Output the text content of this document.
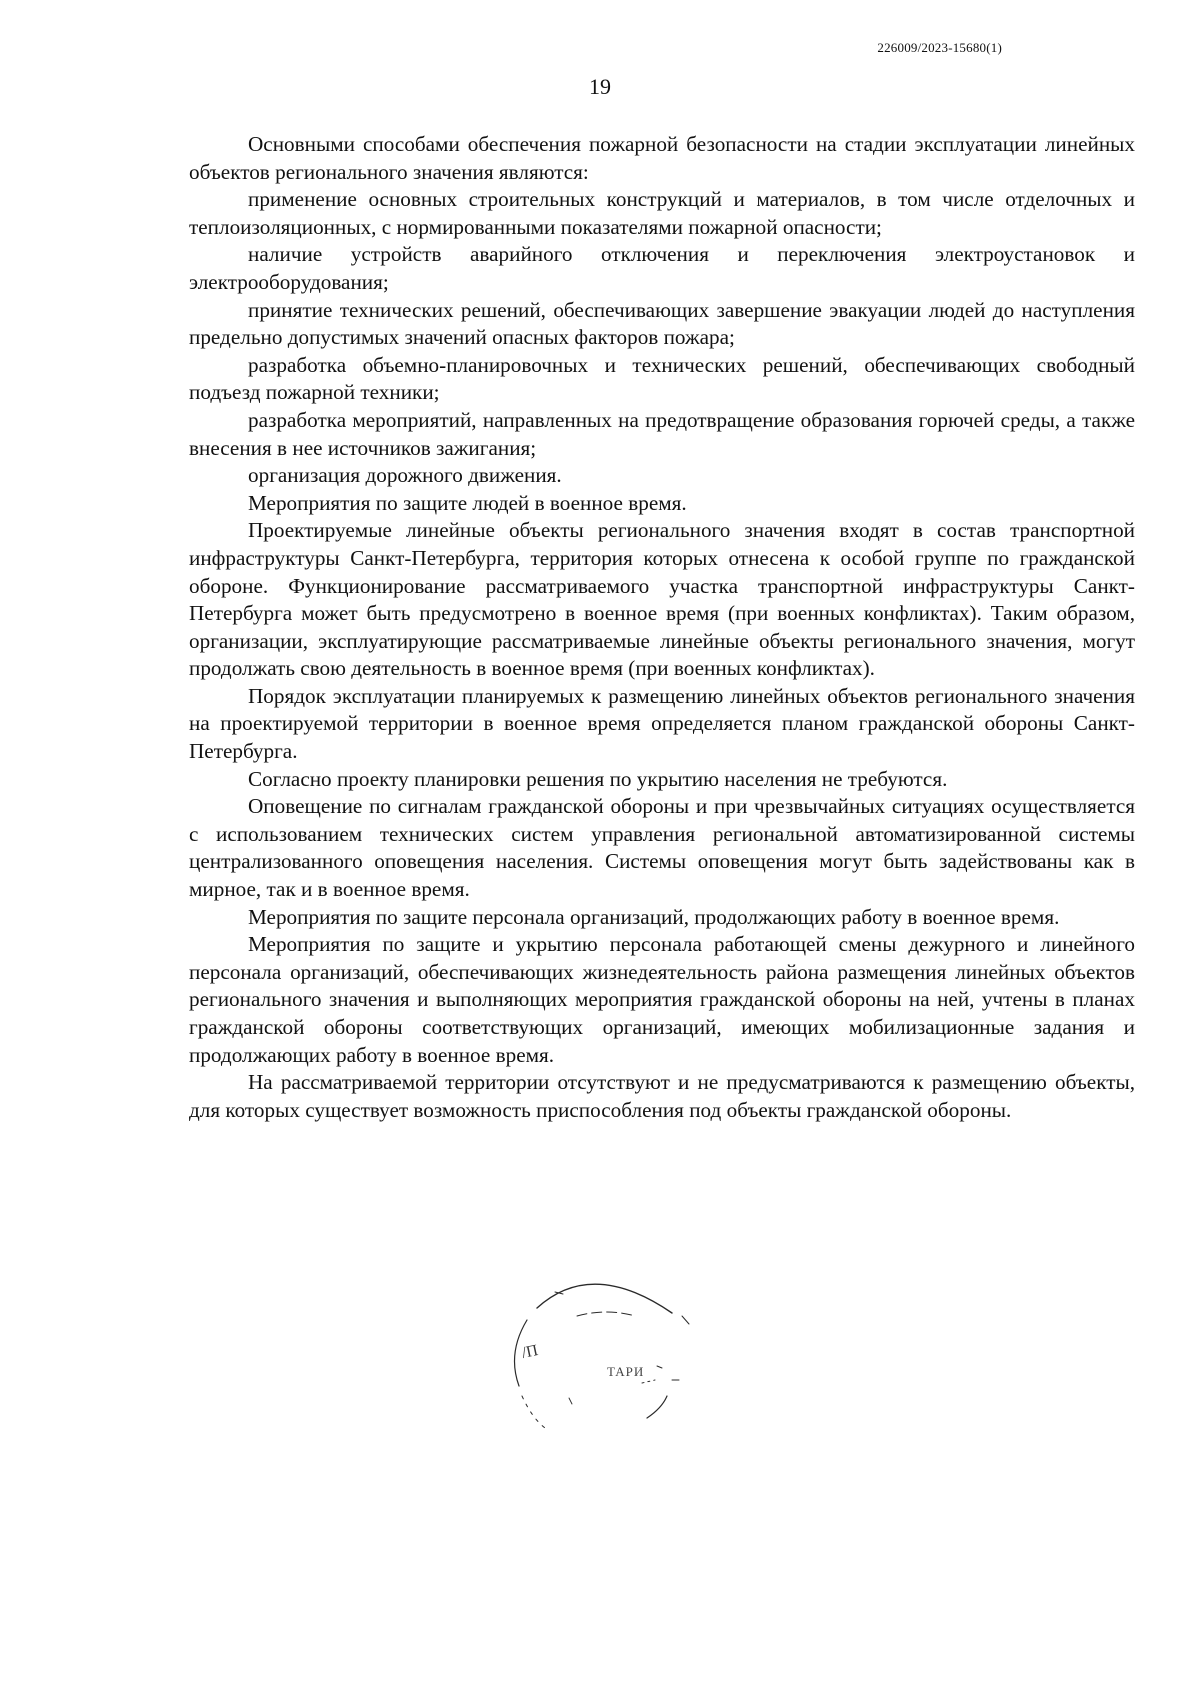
226009/2023-15680(1)
19

Основными способами обеспечения пожарной безопасности на стадии эксплуатации линейных объектов регионального значения являются:

применение основных строительных конструкций и материалов, в том числе отделочных и теплоизоляционных, с нормированными показателями пожарной опасности;

наличие устройств аварийного отключения и переключения электроустановок и электрооборудования;

принятие технических решений, обеспечивающих завершение эвакуации людей до наступления предельно допустимых значений опасных факторов пожара;

разработка объемно-планировочных и технических решений, обеспечивающих свободный подъезд пожарной техники;

разработка мероприятий, направленных на предотвращение образования горючей среды, а также внесения в нее источников зажигания;

организация дорожного движения.

Мероприятия по защите людей в военное время.

Проектируемые линейные объекты регионального значения входят в состав транспортной инфраструктуры Санкт-Петербурга, территория которых отнесена к особой группе по гражданской обороне. Функционирование рассматриваемого участка транспортной инфраструктуры Санкт-Петербурга может быть предусмотрено в военное время (при военных конфликтах). Таким образом, организации, эксплуатирующие рассматриваемые линейные объекты регионального значения, могут продолжать свою деятельность в военное время (при военных конфликтах).

Порядок эксплуатации планируемых к размещению линейных объектов регионального значения на проектируемой территории в военное время определяется планом гражданской обороны Санкт-Петербурга.

Согласно проекту планировки решения по укрытию населения не требуются.

Оповещение по сигналам гражданской обороны и при чрезвычайных ситуациях осуществляется с использованием технических систем управления региональной автоматизированной системы централизованного оповещения населения. Системы оповещения могут быть задействованы как в мирное, так и в военное время.

Мероприятия по защите персонала организаций, продолжающих работу в военное время.

Мероприятия по защите и укрытию персонала работающей смены дежурного и линейного персонала организаций, обеспечивающих жизнедеятельность района размещения линейных объектов регионального значения и выполняющих мероприятия гражданской обороны на ней, учтены в планах гражданской обороны соответствующих организаций, имеющих мобилизационные задания и продолжающих работу в военное время.

На рассматриваемой территории отсутствуют и не предусматриваются к размещению объекты, для которых существует возможность приспособления под объекты гражданской обороны.

/П
ТАРИ
